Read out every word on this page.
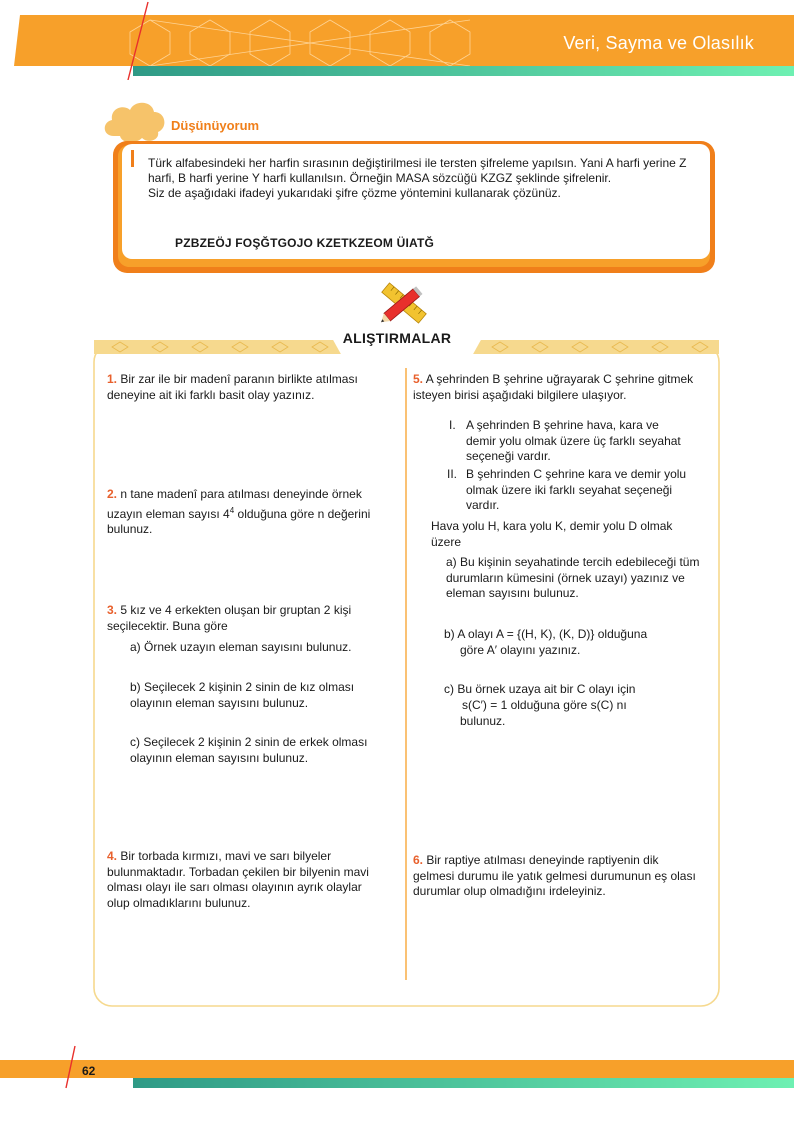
Veri, Sayma ve Olasılık
Düşünüyorum

Türk alfabesindeki her harfin sırasının değiştirilmesi ile tersten şifreleme yapılsın. Yani A harfi yerine Z harfi, B harfi yerine Y harfi kullanılsın. Örneğin MASA sözcüğü KZGZ şeklinde şifrelenir.

Siz de aşağıdaki ifadeyi yukarıdaki şifre çözme yöntemini kullanarak çözünüz.

PZBZEÖJ FOŞĞTGOJO KZETKZEOM ÜIATĞ
ALIŞTIRMALAR
1. Bir zar ile bir madenî paranın birlikte atılması deneyine ait iki farklı basit olay yazınız.
2. n tane madenî para atılması deneyinde örnek uzayın eleman sayısı $4^4$ olduğuna göre n değerini bulunuz.
3. 5 kız ve 4 erkekten oluşan bir gruptan 2 kişi seçilecektir. Buna göre
a) Örnek uzayın eleman sayısını bulunuz.
b) Seçilecek 2 kişinin 2 sinin de kız olması olayının eleman sayısını bulunuz.
c) Seçilecek 2 kişinin 2 sinin de erkek olması olayının eleman sayısını bulunuz.
4. Bir torbada kırmızı, mavi ve sarı bilyeler bulunmaktadır. Torbadan çekilen bir bilyenin mavi olması olayı ile sarı olması olayının ayrık olaylar olup olmadıklarını bulunuz.
5. A şehrinden B şehrine uğrayarak C şehrine gitmek isteyen birisi aşağıdaki bilgilere ulaşıyor.
I. A şehrinden B şehrine hava, kara ve demir yolu olmak üzere üç farklı seyahat seçeneği vardır.
II. B şehrinden C şehrine kara ve demir yolu olmak üzere iki farklı seyahat seçeneği vardır.
Hava yolu H, kara yolu K, demir yolu D olmak üzere
a) Bu kişinin seyahatinde tercih edebileceği tüm durumların kümesini (örnek uzayı) yazınız ve eleman sayısını bulunuz.
b) A olayı A = {(H, K), (K, D)} olduğuna
göre A′ olayını yazınız.
c) Bu örnek uzaya ait bir C olayı için
s(C′) = 1 olduğuna göre s(C) nı
bulunuz.
6. Bir raptiye atılması deneyinde raptiyenin dik gelmesi durumu ile yatık gelmesi durumunun eş olası durumlar olup olmadığını irdeleyiniz.
62
